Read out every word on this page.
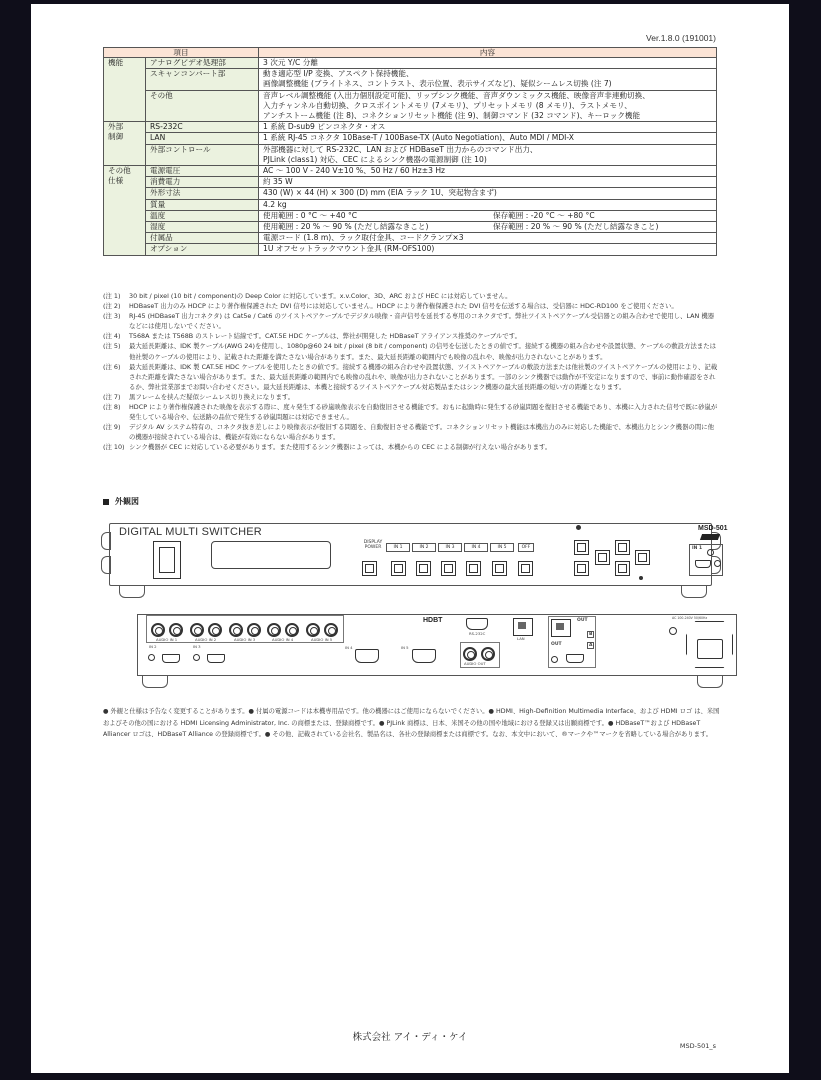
Ver.1.8.0 (191001)
項目		内容
機能	アナログビデオ処理部	3 次元 Y/C 分離

	スキャンコンバート部	動き適応型 I/P 変換、アスペクト保持機能、
画像調整機能 (ブライトネス、コントラスト、表示位置、表示サイズなど)、疑似シームレス切換 (注 7)

	その他	音声レベル調整機能 (入出力個別設定可能)、リップシンク機能、音声ダウンミックス機能、映像音声非連動切換、
入力チャンネル自動切換、クロスポイントメモリ (7メモリ)、プリセットメモリ (8 メモリ)、ラストメモリ、
アンチストーム機能 (注 8)、コネクションリセット機能 (注 9)、制御コマンド (32 コマンド)、キーロック機能

外部
制御	RS-232C	1 系統 D-sub9 ピンコネクタ・オス

	LAN	1 系統 RJ-45 コネクタ 10Base-T / 100Base-TX (Auto Negotiation)、Auto MDI / MDI-X

	外部コントロール	外部機器に対して RS-232C、LAN および HDBaseT 出力からのコマンド出力、
PJLink (class1) 対応、CEC によるシンク機器の電源制御 (注 10)

その他
仕様	電源電圧	AC ～ 100 V - 240 V±10 %、50 Hz / 60 Hz±3 Hz

	消費電力	約 35 W

	外形寸法	430 (W) × 44 (H) × 300 (D) mm (EIA ラック 1U、突起物含まず)

	質量	4.2 kg

	温度	使用範囲 : 0 °C ～ +40 °C 保存範囲 : -20 °C ～ +80 °C

	湿度	使用範囲 : 20 % ～ 90 % (ただし結露なきこと) 保存範囲 : 20 % ～ 90 % (ただし結露なきこと)

	付属品	電源コード (1.8 m)、ラック取付金具、コードクランプ×3

	オプション	1U オフセットラックマウント金具 (RM-OFS100)
(注 1)	30 bit / pixel (10 bit / component)の Deep Color に対応しています。x.v.Color、3D、ARC および HEC には対応していません。
(注 2)	HDBaseT 出力のみ HDCP により著作権保護された DVI 信号には対応していません。HDCP により著作権保護された DVI 信号を伝送する場合は、受信器に HDC-RD100 をご使用ください。
(注 3)	RJ-45 (HDBaseT 出力コネクタ) は Cat5e / Cat6 のツイストペアケーブルでデジタル映像・音声信号を延長する専用のコネクタです。弊社ツイストペアケーブル受信器との組み合わせで使用し、LAN 機器などには使用しないでください。
(注 4)	T568A または T568B のストレート結線です。CAT.5E HDC ケーブルは、弊社が開発した HDBaseT アライアンス推奨のケーブルです。
(注 5)	最大延長距離は、IDK 製ケーブル(AWG 24)を使用し、1080p@60 24 bit / pixel (8 bit / component) の信号を伝送したときの値です。接続する機器の組み合わせや設置状態、ケーブルの敷設方法または他社製のケーブルの使用により、記載された距離を満たさない場合があります。また、最大延長距離の範囲内でも映像の乱れや、映像が出力されないことがあります。
(注 6)	最大延長距離は、IDK 製 CAT.5E HDC ケーブルを使用したときの値です。接続する機器の組み合わせや設置状態、ツイストペアケーブルの敷設方法または他社製のツイストペアケーブルの使用により、記載された距離を満たさない場合があります。また、最大延長距離の範囲内でも映像の乱れや、映像が出力されないことがあります。一部のシンク機器では動作が不安定になりますので、事前に動作確認をされるか、弊社営業部までお問い合わせください。最大延長距離は、本機と接続するツイストペアケーブル対応製品またはシンク機器の最大延長距離の短い方の距離となります。
(注 7)	黒フレームを挟んだ疑似シームレス切り換えになります。
(注 8)	HDCP により著作権保護された映像を表示する際に、度々発生する砂嵐映像表示を自動復旧させる機能です。おもに起動時に発生する砂嵐問題を復旧させる機能であり、本機に入力された信号で既に砂嵐が発生している場合や、伝送路の品位で発生する砂嵐問題には対応できません。
(注 9)	デジタル AV システム特有の、コネクタ抜き差しにより映像表示が復旧する問題を、自動復旧させる機能です。コネクションリセット機能は本機出力のみに対応した機能で、本機出力とシンク機器の間に他の機器が接続されている場合は、機能が有効にならない場合があります。
(注 10) シンク機器が CEC に対応している必要があります。また使用するシンク機器によっては、本機からの CEC による制御が行えない場合があります。
外観図
DIGITAL MULTI SWITCHER
DISPLAY POWER	IN 1	IN 2	IN 3	IN 4	IN 5	OFF
MSD-501
IN 1
AUDIO IN 1	AUDIO IN 2	AUDIO IN 3	AUDIO IN 4	AUDIO IN 5
IN 2	IN 3	IN 4	IN 5
HDBT
RS-232C
LAN
AUDIO OUT
OUT
B
OUT	A
AC 100-240V 50/60Hz
● 外観と仕様は予告なく変更することがあります。● 付属の電源コードは本機専用品です。他の機器にはご使用にならないでください。● HDMI、High-Definition Multimedia Interface、および HDMI ロゴ は、米国およびその他の国における HDMI Licensing Administrator, Inc. の商標または、登録商標です。● PJLink 商標は、日本、米国その他の国や地域における登録又は出願商標です。● HDBaseT™および HDBaseT Alliancer ロゴは、HDBaseT Alliance の登録商標です。● その他、記載されている会社名、製品名は、各社の登録商標または商標です。なお、本文中において、®マークや™マークを省略している場合があります。
株式会社 アイ・ディ・ケイ
MSD-501_s
